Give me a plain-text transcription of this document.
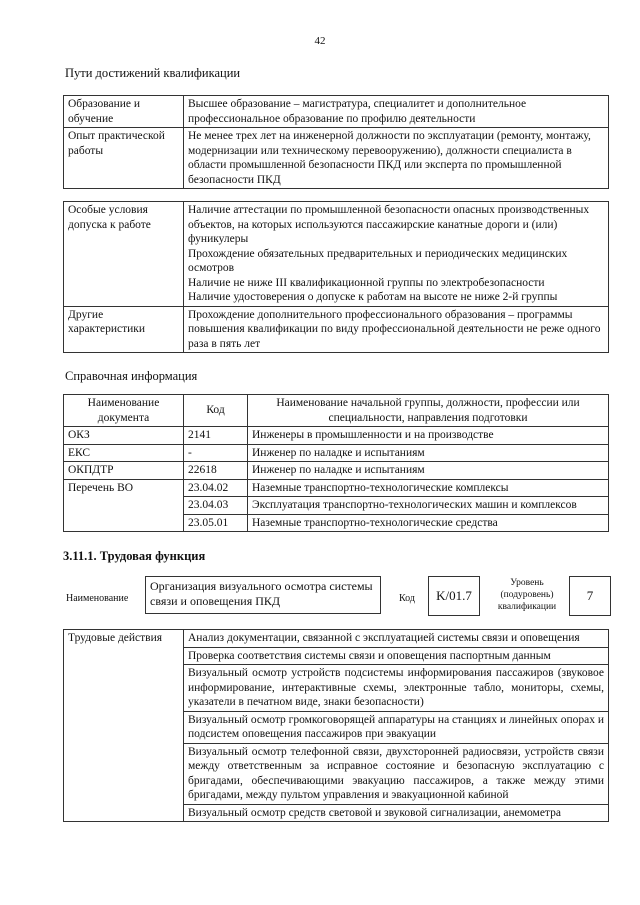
42
Пути достижений квалификации
Образование и обучение	Высшее образование – магистратура, специалитет и дополнительное профессиональное образование по профилю деятельности
Опыт практической работы	Не менее трех лет на инженерной должности по эксплуатации (ремонту, монтажу, модернизации или техническому перевооружению), должности специалиста в области промышленной безопасности ПКД или эксперта по промышленной безопасности ПКД
Особые условия допуска к работе	Наличие аттестации по промышленной безопасности опасных производственных объектов, на которых используются пассажирские канатные дороги и (или) фуникулеры
Прохождение обязательных предварительных и периодических медицинских осмотров
Наличие не ниже III квалификационной группы по электробезопасности
Наличие удостоверения о допуске к работам на высоте не ниже 2-й группы

Другие характеристики	Прохождение дополнительного профессионального образования – программы повышения квалификации по виду профессиональной деятельности не реже одного раза в пять лет
Справочная информация
Наименование документа	Код	Наименование начальной группы, должности, профессии или специальности, направления подготовки
ОКЗ	2141	Инженеры в промышленности и на производстве
ЕКС	-	Инженер по наладке и испытаниям
ОКПДТР	22618	Инженер по наладке и испытаниям
Перечень ВО	23.04.02	Наземные транспортно-технологические комплексы
	23.04.03	Эксплуатация транспортно-технологических машин и комплексов
	23.05.01	Наземные транспортно-технологические средства
3.11.1. Трудовая функция
Наименование
Организация визуального осмотра системы связи и оповещения ПКД	Код	K/01.7
Уровень (подуровень) квалификации
7
Трудовые действия	Анализ документации, связанной с эксплуатацией системы связи и оповещения
Проверка соответствия системы связи и оповещения паспортным данным
Визуальный осмотр устройств подсистемы информирования пассажиров (звуковое информирование, интерактивные схемы, электронные табло, мониторы, схемы, указатели в печатном виде, знаки безопасности)
Визуальный осмотр громкоговорящей аппаратуры на станциях и линейных опорах и подсистем оповещения пассажиров при эвакуации
Визуальный осмотр телефонной связи, двухсторонней радиосвязи, устройств связи между ответственным за исправное состояние и безопасную эксплуатацию с бригадами, обеспечивающими эвакуацию пассажиров, а также между этими бригадами, между пультом управления и эвакуационной кабиной
Визуальный осмотр средств световой и звуковой сигнализации, анемометра
